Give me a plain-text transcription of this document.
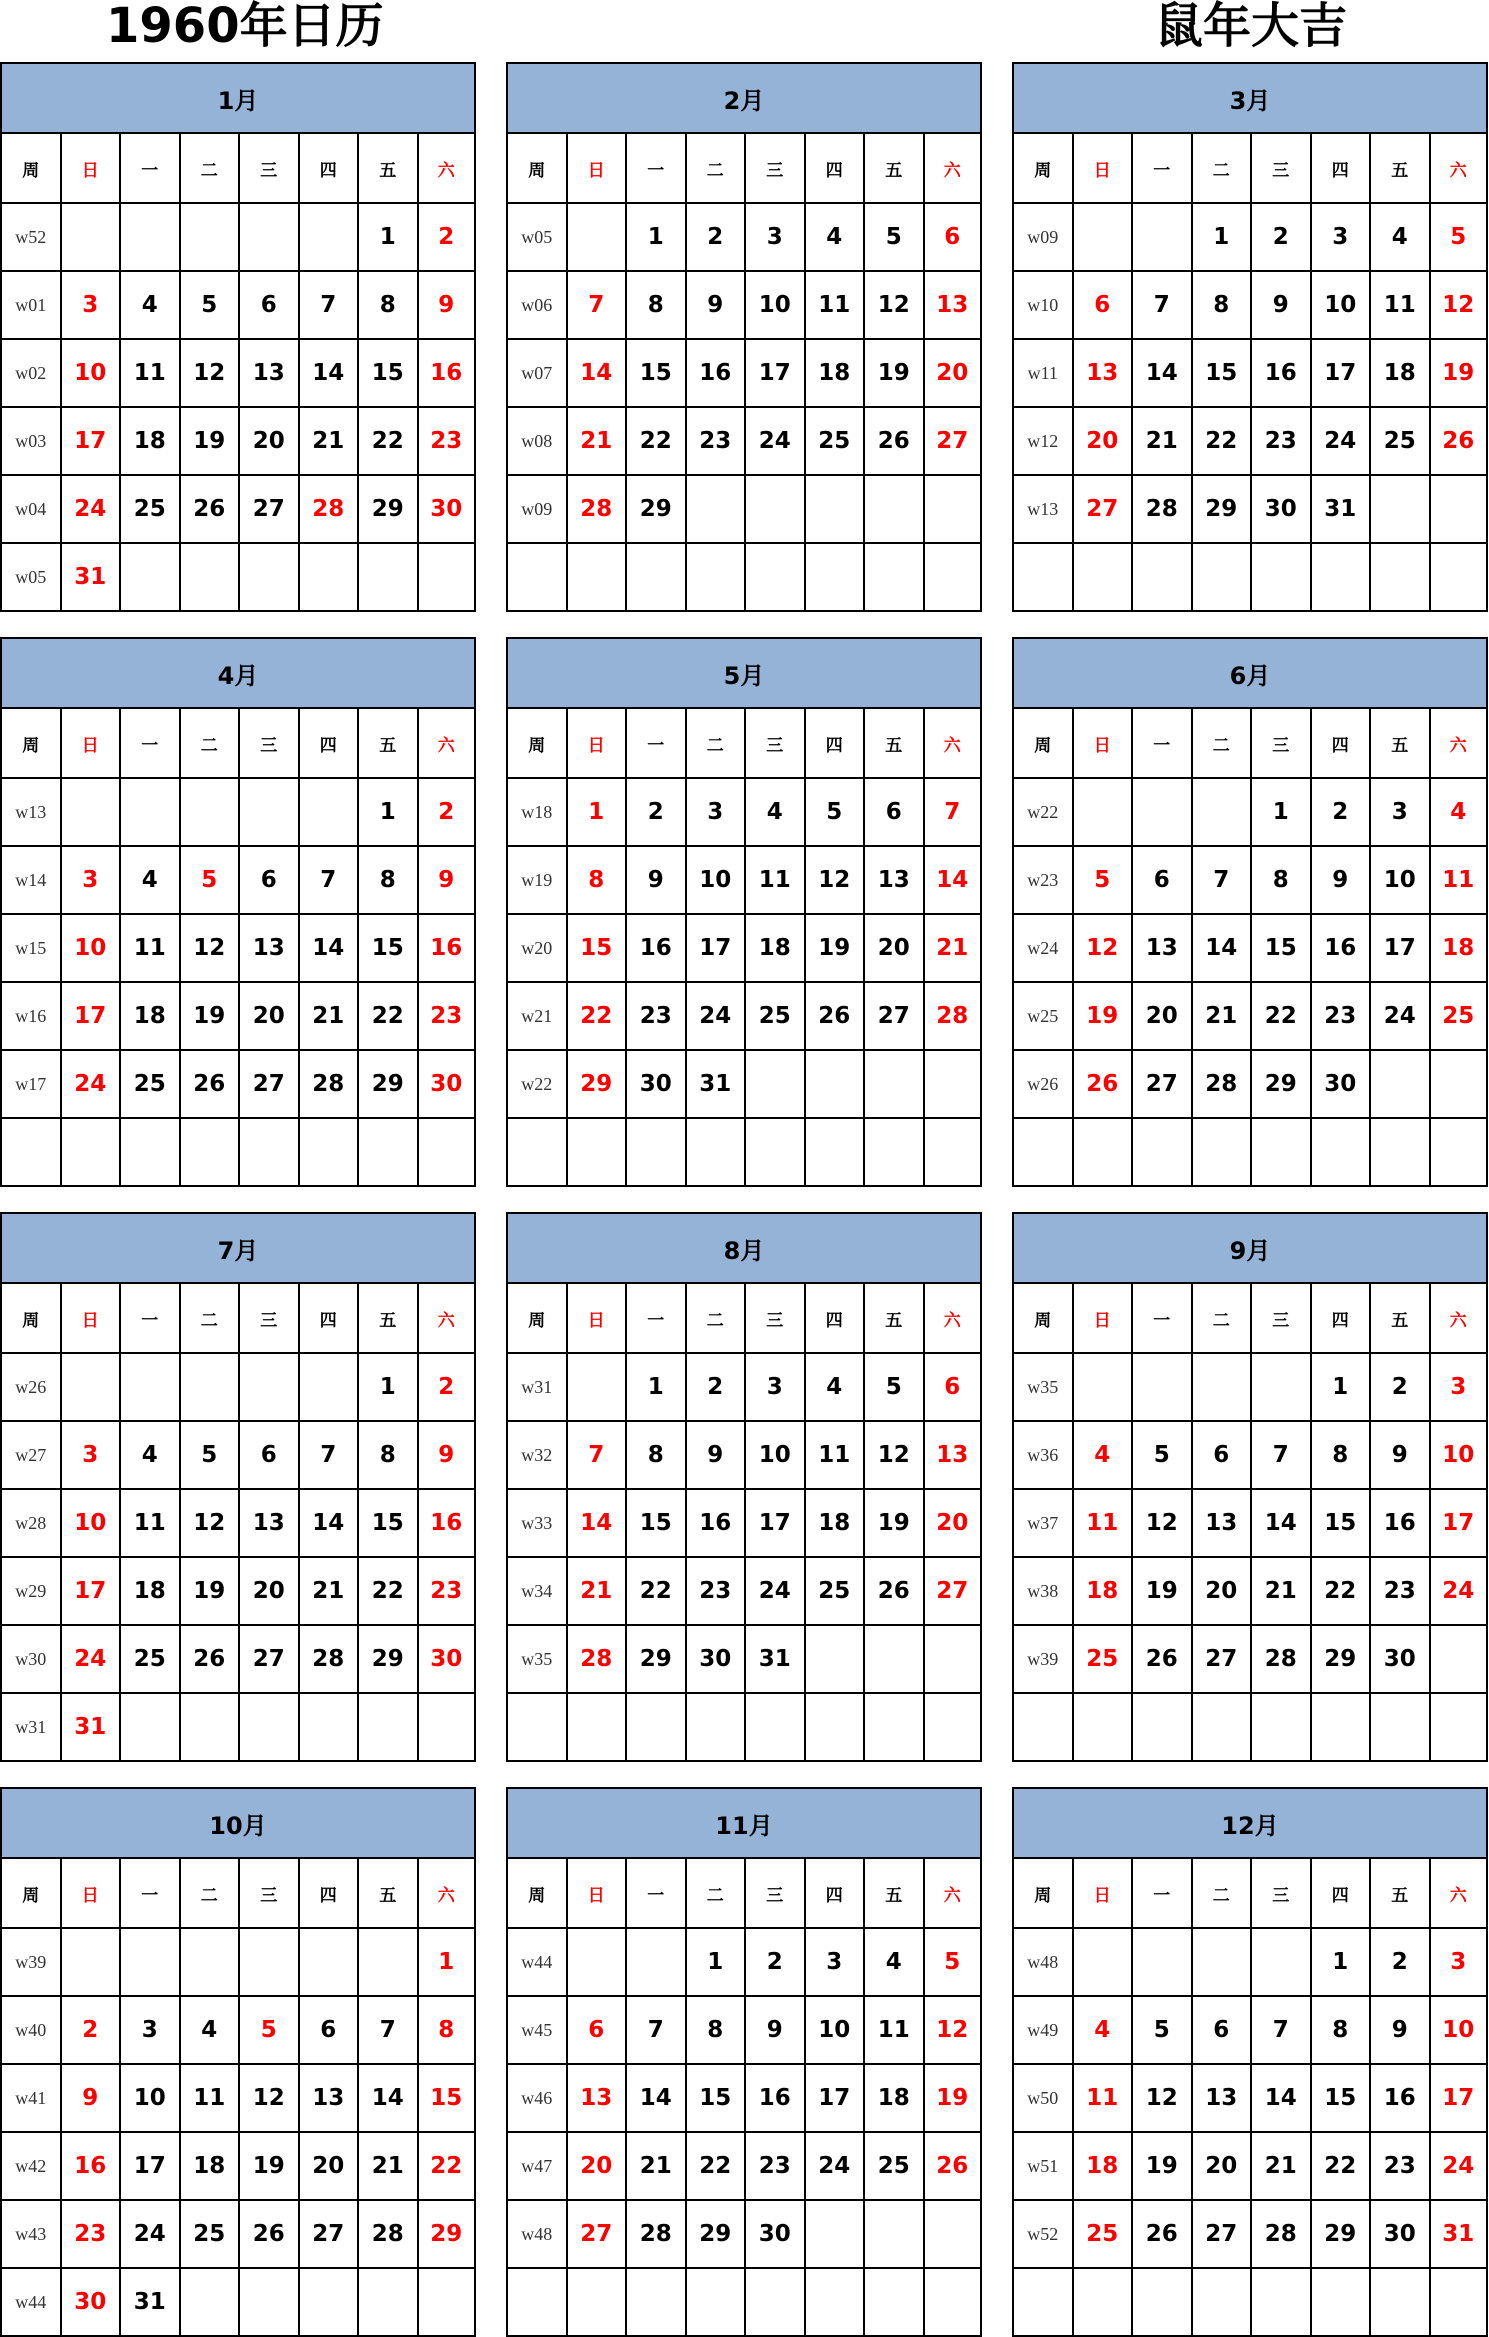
1960年日历	鼠年大吉
1月							
周	日	一	二	三	四	五	六
w52						1	2
w01	3	4	5	6	7	8	9
w02	10	11	12	13	14	15	16
w03	17	18	19	20	21	22	23
w04	24	25	26	27	28	29	30
w05	31						
2月							
周	日	一	二	三	四	五	六
w05		1	2	3	4	5	6
w06	7	8	9	10	11	12	13
w07	14	15	16	17	18	19	20
w08	21	22	23	24	25	26	27
w09	28	29					

3月							
周	日	一	二	三	四	五	六
w09			1	2	3	4	5
w10	6	7	8	9	10	11	12
w11	13	14	15	16	17	18	19
w12	20	21	22	23	24	25	26
w13	27	28	29	30	31		

4月							
周	日	一	二	三	四	五	六
w13						1	2
w14	3	4	5	6	7	8	9
w15	10	11	12	13	14	15	16
w16	17	18	19	20	21	22	23
w17	24	25	26	27	28	29	30

5月							
周	日	一	二	三	四	五	六
w18	1	2	3	4	5	6	7
w19	8	9	10	11	12	13	14
w20	15	16	17	18	19	20	21
w21	22	23	24	25	26	27	28
w22	29	30	31				

6月							
周	日	一	二	三	四	五	六
w22				1	2	3	4
w23	5	6	7	8	9	10	11
w24	12	13	14	15	16	17	18
w25	19	20	21	22	23	24	25
w26	26	27	28	29	30		

7月							
周	日	一	二	三	四	五	六
w26						1	2
w27	3	4	5	6	7	8	9
w28	10	11	12	13	14	15	16
w29	17	18	19	20	21	22	23
w30	24	25	26	27	28	29	30
w31	31						
8月							
周	日	一	二	三	四	五	六
w31		1	2	3	4	5	6
w32	7	8	9	10	11	12	13
w33	14	15	16	17	18	19	20
w34	21	22	23	24	25	26	27
w35	28	29	30	31			

9月							
周	日	一	二	三	四	五	六
w35					1	2	3
w36	4	5	6	7	8	9	10
w37	11	12	13	14	15	16	17
w38	18	19	20	21	22	23	24
w39	25	26	27	28	29	30	

10月							
周	日	一	二	三	四	五	六
w39							1
w40	2	3	4	5	6	7	8
w41	9	10	11	12	13	14	15
w42	16	17	18	19	20	21	22
w43	23	24	25	26	27	28	29
w44	30	31					
11月							
周	日	一	二	三	四	五	六
w44			1	2	3	4	5
w45	6	7	8	9	10	11	12
w46	13	14	15	16	17	18	19
w47	20	21	22	23	24	25	26
w48	27	28	29	30			

12月							
周	日	一	二	三	四	五	六
w48					1	2	3
w49	4	5	6	7	8	9	10
w50	11	12	13	14	15	16	17
w51	18	19	20	21	22	23	24
w52	25	26	27	28	29	30	31
